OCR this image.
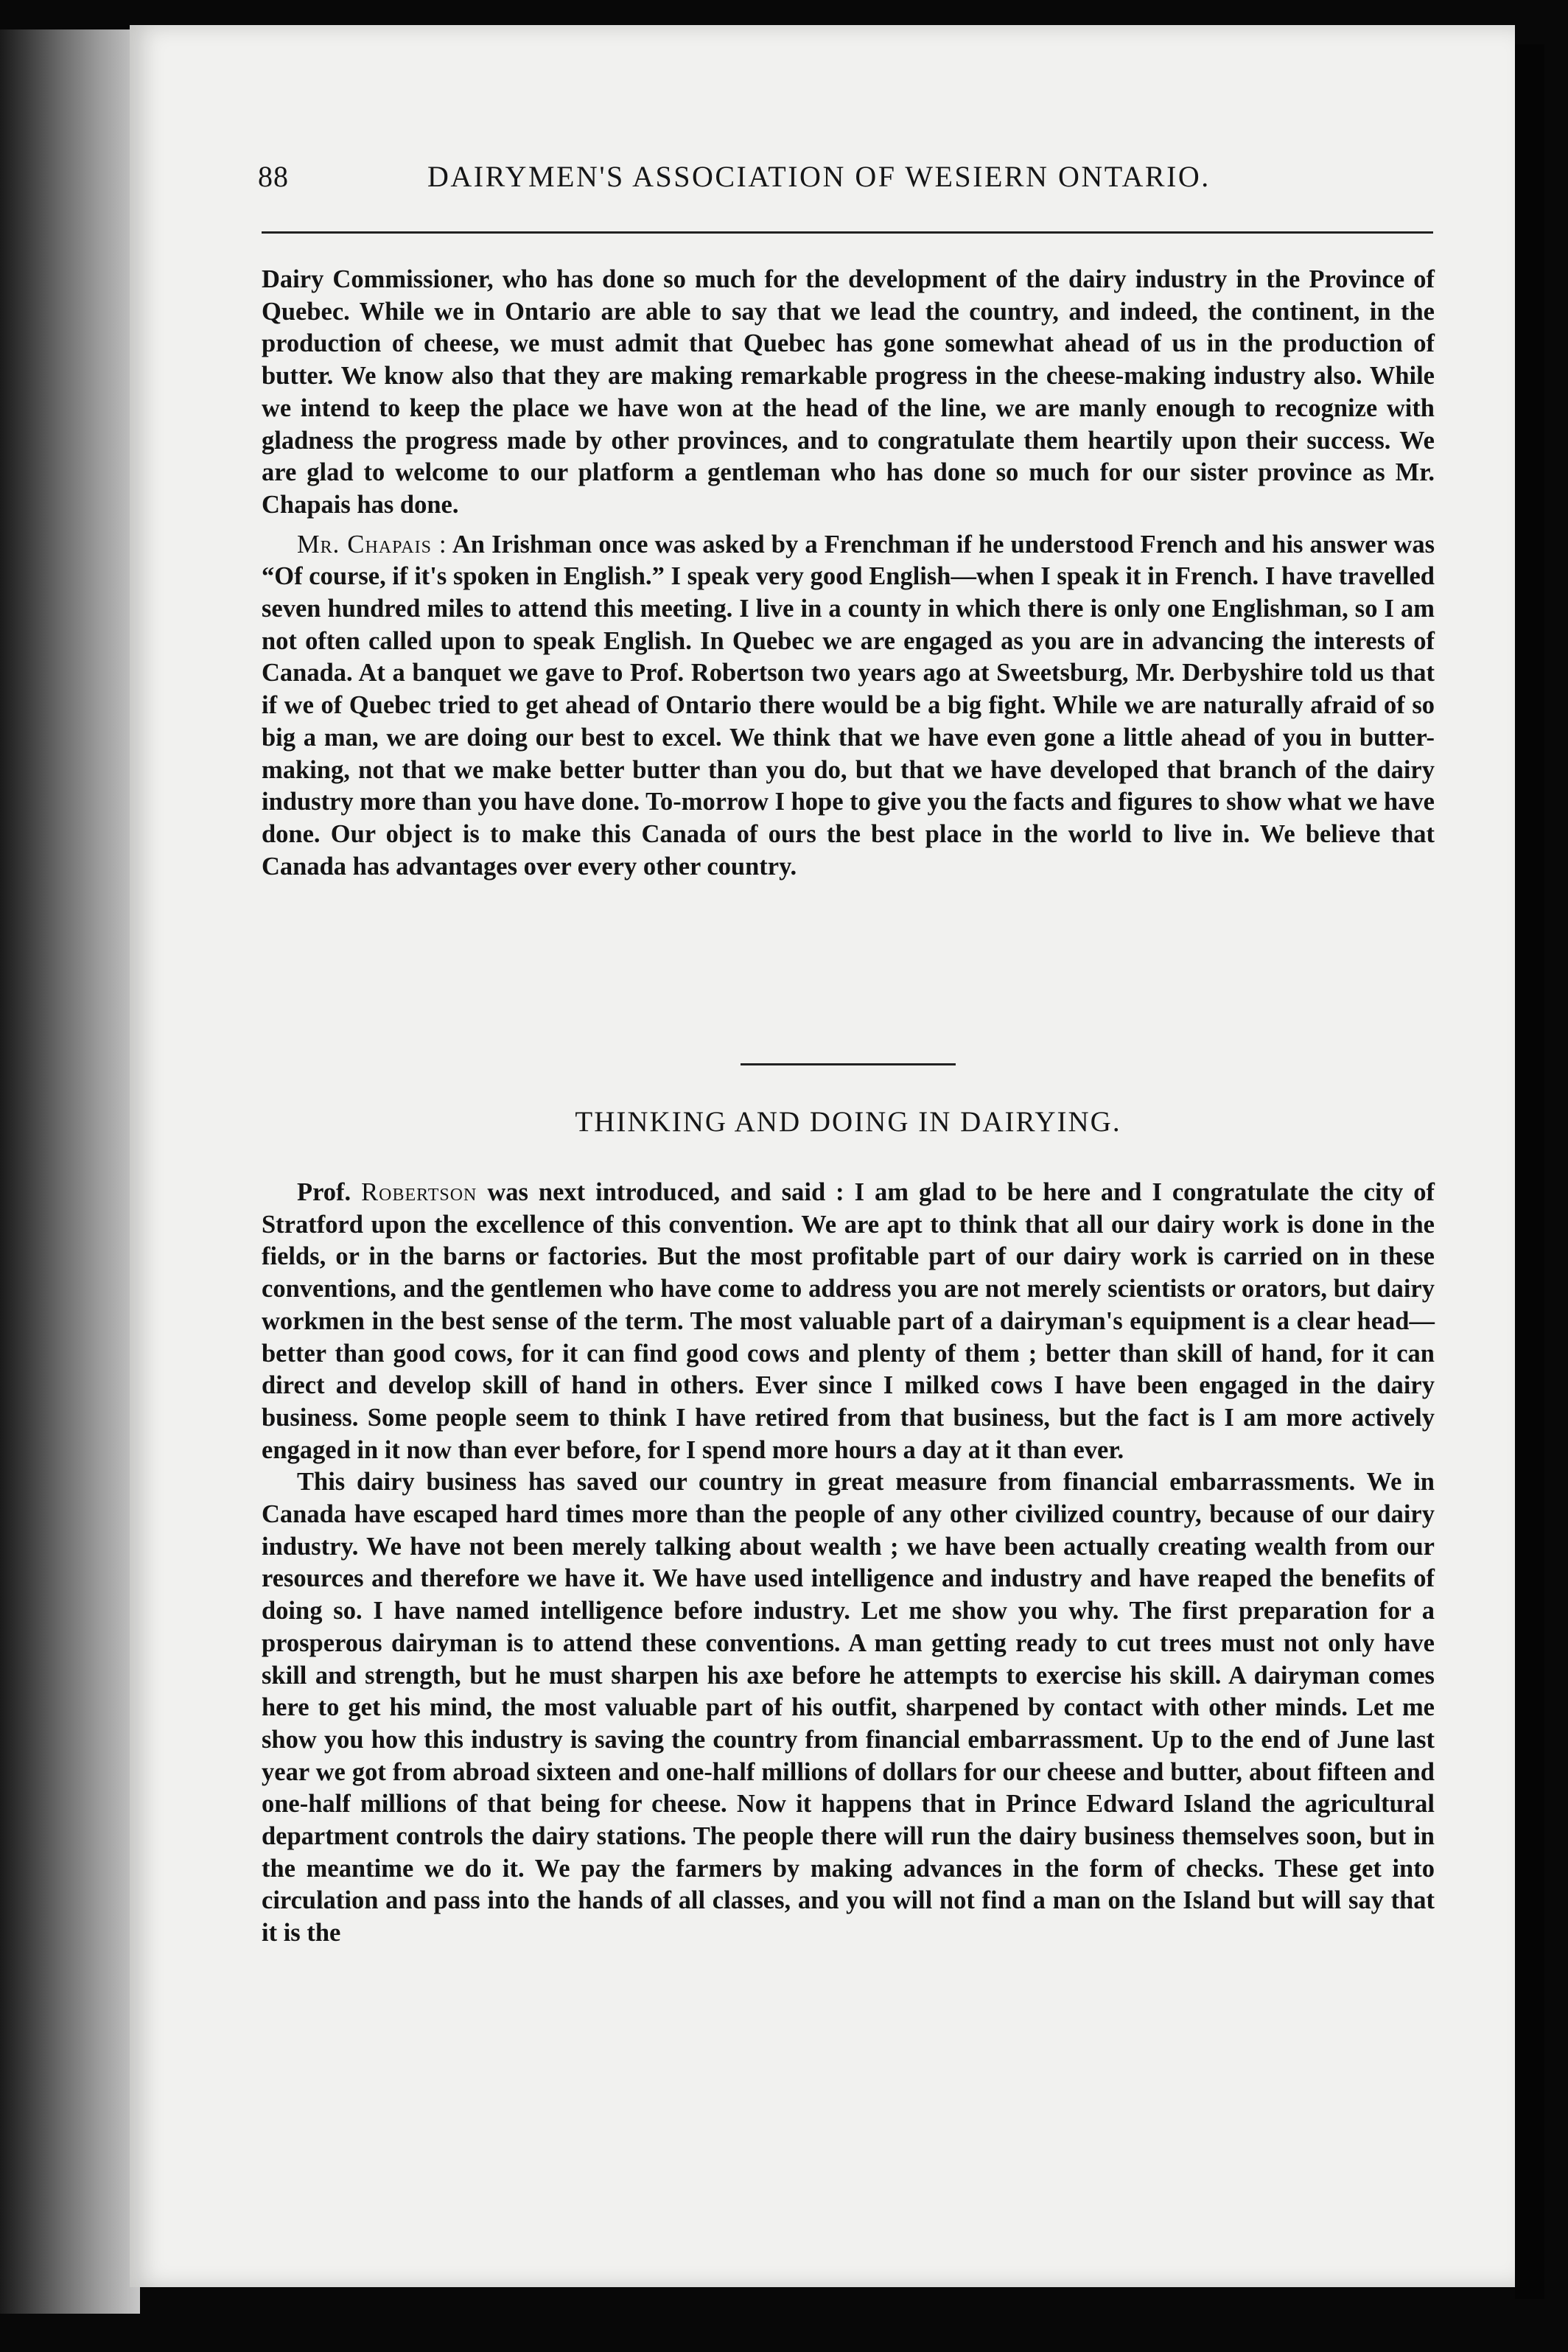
88	DAIRYMEN'S ASSOCIATION OF WESIERN ONTARIO.

Dairy Commissioner, who has done so much for the development of the dairy industry in the Province of Quebec. While we in Ontario are able to say that we lead the country, and indeed, the continent, in the production of cheese, we must admit that Quebec has gone somewhat ahead of us in the production of butter. We know also that they are making remarkable progress in the cheese-making industry also. While we intend to keep the place we have won at the head of the line, we are manly enough to recognize with gladness the progress made by other provinces, and to congratulate them heartily upon their success. We are glad to welcome to our platform a gentleman who has done so much for our sister province as Mr. Chapais has done.

Mr. Chapais : An Irishman once was asked by a Frenchman if he understood French and his answer was “Of course, if it's spoken in English.” I speak very good English—when I speak it in French. I have travelled seven hundred miles to attend this meeting. I live in a county in which there is only one Englishman, so I am not often called upon to speak English. In Quebec we are engaged as you are in advancing the interests of Canada. At a banquet we gave to Prof. Robertson two years ago at Sweetsburg, Mr. Derbyshire told us that if we of Quebec tried to get ahead of Ontario there would be a big fight. While we are naturally afraid of so big a man, we are doing our best to excel. We think that we have even gone a little ahead of you in butter-making, not that we make better butter than you do, but that we have developed that branch of the dairy industry more than you have done. To-morrow I hope to give you the facts and figures to show what we have done. Our object is to make this Canada of ours the best place in the world to live in. We believe that Canada has advantages over every other country.

THINKING AND DOING IN DAIRYING.

Prof. Robertson was next introduced, and said : I am glad to be here and I congratulate the city of Stratford upon the excellence of this convention. We are apt to think that all our dairy work is done in the fields, or in the barns or factories. But the most profitable part of our dairy work is carried on in these conventions, and the gentlemen who have come to address you are not merely scientists or orators, but dairy workmen in the best sense of the term. The most valuable part of a dairyman's equipment is a clear head—better than good cows, for it can find good cows and plenty of them ; better than skill of hand, for it can direct and develop skill of hand in others. Ever since I milked cows I have been engaged in the dairy business. Some people seem to think I have retired from that business, but the fact is I am more actively engaged in it now than ever before, for I spend more hours a day at it than ever.

This dairy business has saved our country in great measure from financial embarrassments. We in Canada have escaped hard times more than the people of any other civilized country, because of our dairy industry. We have not been merely talking about wealth ; we have been actually creating wealth from our resources and therefore we have it. We have used intelligence and industry and have reaped the benefits of doing so. I have named intelligence before industry. Let me show you why. The first preparation for a prosperous dairyman is to attend these conventions. A man getting ready to cut trees must not only have skill and strength, but he must sharpen his axe before he attempts to exercise his skill. A dairyman comes here to get his mind, the most valuable part of his outfit, sharpened by contact with other minds. Let me show you how this industry is saving the country from financial embarrassment. Up to the end of June last year we got from abroad sixteen and one-half millions of dollars for our cheese and butter, about fifteen and one-half millions of that being for cheese. Now it happens that in Prince Edward Island the agricultural department controls the dairy stations. The people there will run the dairy business themselves soon, but in the meantime we do it. We pay the farmers by making advances in the form of checks. These get into circulation and pass into the hands of all classes, and you will not find a man on the Island but will say that it is the
